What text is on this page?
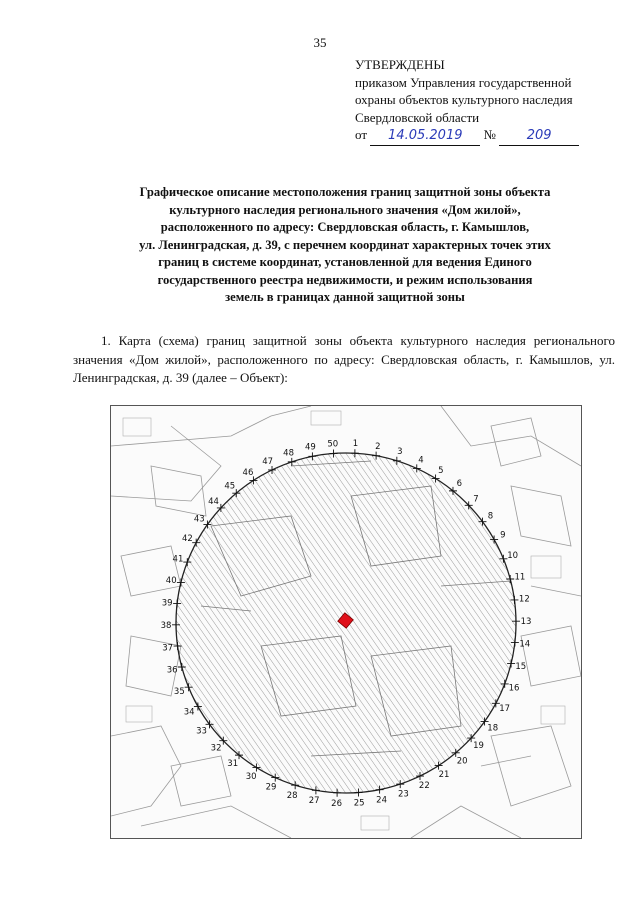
35
УТВЕРЖДЕНЫ
приказом Управления государственной
охраны объектов культурного наследия
Свердловской области
от 14.05.2019 № 209
Графическое описание местоположения границ защитной зоны объекта
культурного наследия регионального значения «Дом жилой»,
расположенного по адресу: Свердловская область, г. Камышлов,
ул. Ленинградская, д. 39, с перечнем координат характерных точек этих
границ в системе координат, установленной для ведения Единого
государственного реестра недвижимости, и режим использования
земель в границах данной защитной зоны

1. Карта (схема) границ защитной зоны объекта культурного наследия регионального значения «Дом жилой», расположенного по адресу: Свердловская область, г. Камышлов, ул. Ленинградская, д. 39 (далее – Объект):

1 2
3
4
5
6
7
8
9
10
11
12
13
14
15
16
17
18
19
20
21
22
23
24
25
26
27
28
29
30
31
32
33
34
35
36
37
38
39
40
41
42
43
44
45
46
47
48
49 50
